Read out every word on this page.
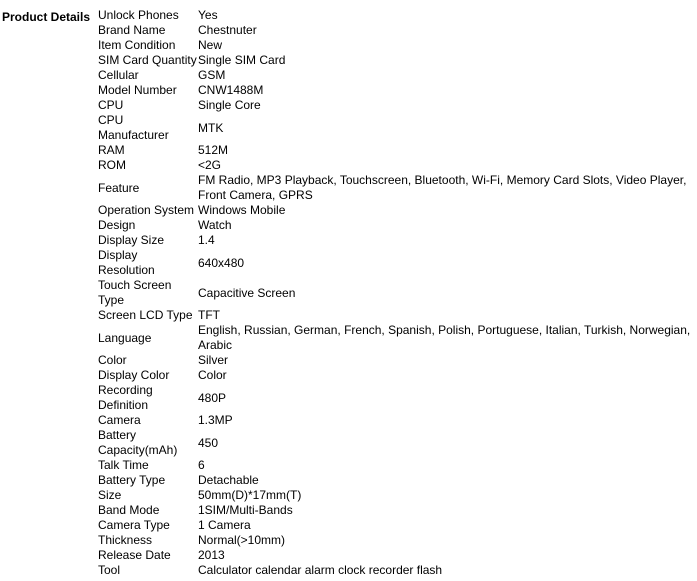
Product Details Unlock Phones	Yes
Brand Name	Chestnuter
Item Condition	New
SIM Card Quantity	Single SIM Card
Cellular	GSM
Model Number	CNW1488M
CPU	Single Core
CPU Manufacturer	MTK
RAM	512M
ROM	<2G
Feature	FM Radio, MP3 Playback, Touchscreen, Bluetooth, Wi-Fi, Memory Card Slots, Video Player, Front Camera, GPRS
Operation System	Windows Mobile
Design	Watch
Display Size	1.4
Display Resolution	640x480
Touch Screen Type	Capacitive Screen
Screen LCD Type	TFT
Language	English, Russian, German, French, Spanish, Polish, Portuguese, Italian, Turkish, Norwegian, Arabic
Color	Silver
Display Color	Color
Recording Definition	480P
Camera	1.3MP
Battery Capacity(mAh)	450
Talk Time	6
Battery Type	Detachable
Size	50mm(D)*17mm(T)
Band Mode	1SIM/Multi-Bands
Camera Type	1 Camera
Thickness	Normal(>10mm)
Release Date	2013
Tool	Calculator calendar alarm clock recorder flash
